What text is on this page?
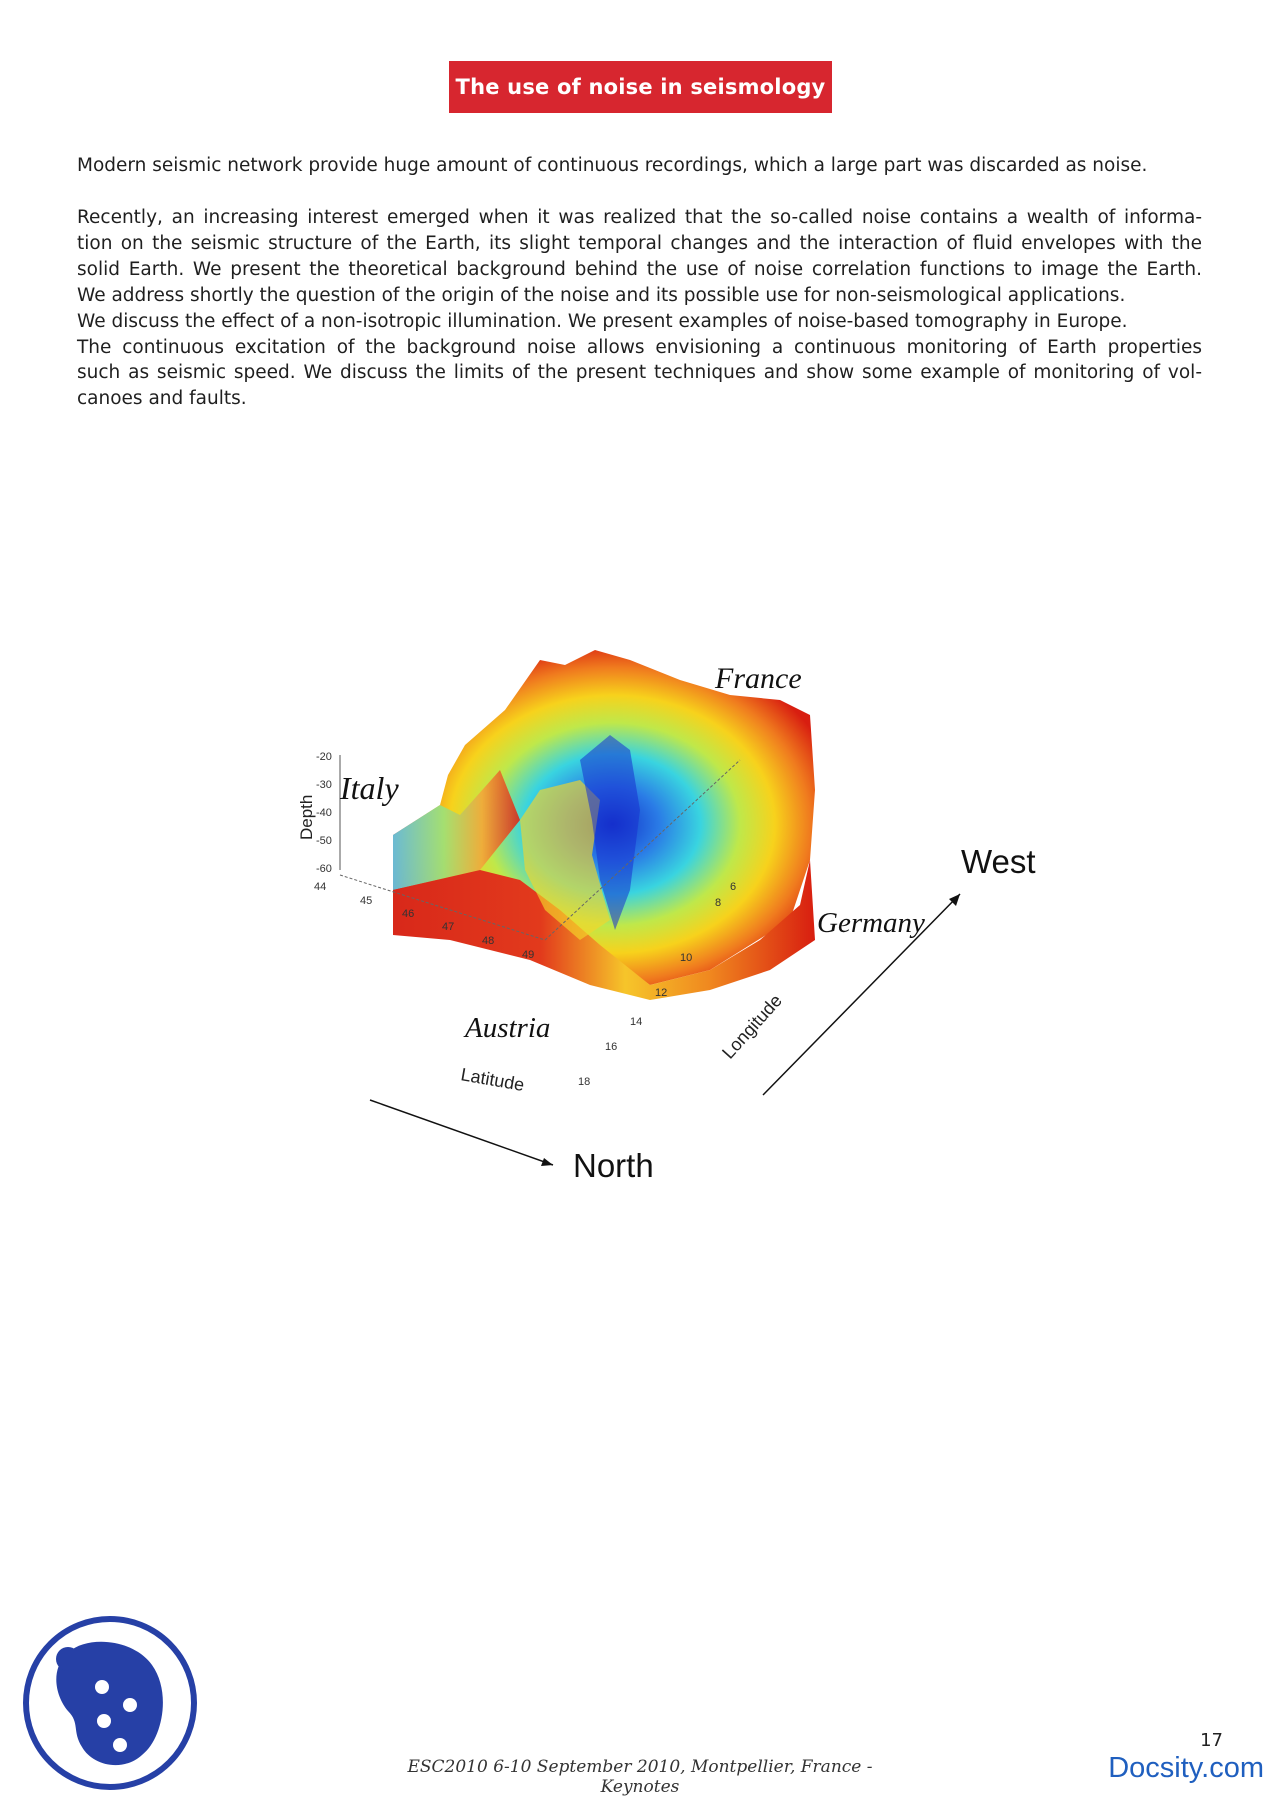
The use of noise in seismology

Modern seismic network provide huge amount of continuous recordings, which a large part was discarded as noise.

Recently, an increasing interest emerged when it was realized that the so-called noise contains a wealth of informa-
tion on the seismic structure of the Earth, its slight temporal changes and the interaction of fluid envelopes with the
solid Earth. We present the theoretical background behind the use of noise correlation functions to image the Earth.
We address shortly the question of the origin of the noise and its possible use for non-seismological applications.
We discuss the effect of a non-isotropic illumination. We present examples of noise-based tomography in Europe.
The continuous excitation of the background noise allows envisioning a continuous monitoring of Earth properties
such as seismic speed. We discuss the limits of the present techniques and show some example of monitoring of vol-
canoes and faults.
Depth
-20
-30
-40
-50
-60
44
45
46
47
48
49
6
8
10
12
14
16
18
Latitude
Longitude
France
Italy
Germany
Austria
West
North
17
ESC2010 6-10 September 2010, Montpellier, France - Keynotes
Docsity.com
